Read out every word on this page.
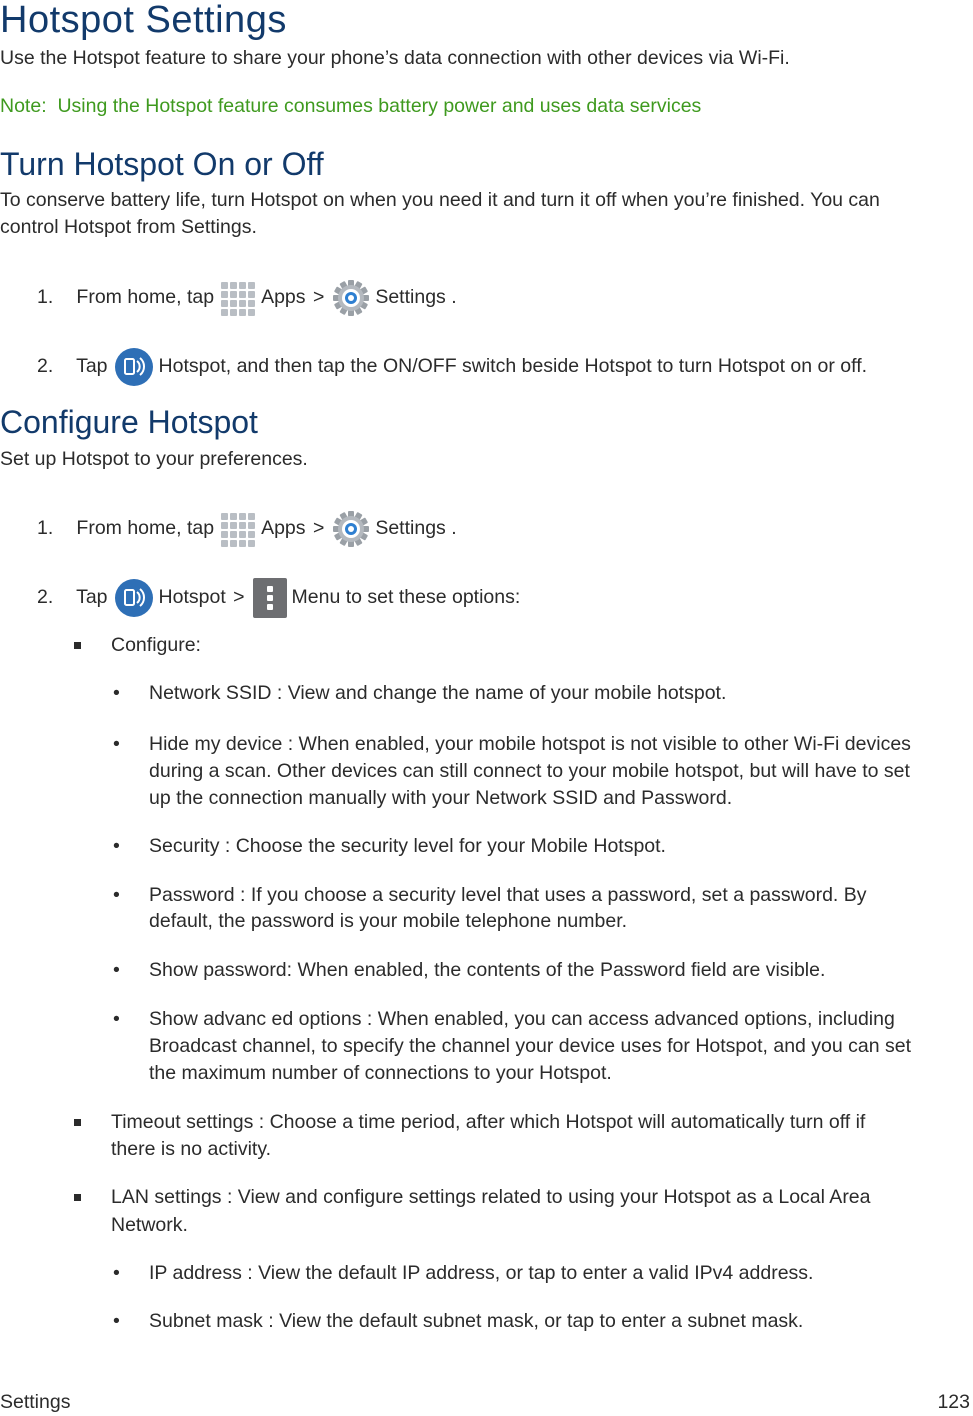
Hotspot Settings
Use the Hotspot feature to share your phone’s data connection with other devices via Wi-Fi.
Note: Using the Hotspot feature consumes battery power and uses data services
Turn Hotspot On or Off
To conserve battery life, turn Hotspot on when you need it and turn it off when you’re finished. You can
control Hotspot from Settings.
1. From home, tap Apps >	Settings .
2. Tap	Hotspot, and then tap the ON/OFF switch beside Hotspot to turn Hotspot on or off.
Configure Hotspot
Set up Hotspot to your preferences.
1. From home, tap Apps >	Settings .
2. Tap	Hotspot > Menu to set these options:
Configure:
• Network SSID : View and change the name of your mobile hotspot.
• Hide my device : When enabled, your mobile hotspot is not visible to other Wi-Fi devices
during a scan. Other devices can still connect to your mobile hotspot, but will have to set
up the connection manually with your Network SSID and Password.
• Security : Choose the security level for your Mobile Hotspot.
• Password : If you choose a security level that uses a password, set a password. By
default, the password is your mobile telephone number.
• Show password: When enabled, the contents of the Password field are visible.
• Show advanc ed options : When enabled, you can access advanced options, including
Broadcast channel, to specify the channel your device uses for Hotspot, and you can set
the maximum number of connections to your Hotspot.
Timeout settings : Choose a time period, after which Hotspot will automatically turn off if
there is no activity.
LAN settings : View and configure settings related to using your Hotspot as a Local Area
Network.
• IP address : View the default IP address, or tap to enter a valid IPv4 address.
• Subnet mask : View the default subnet mask, or tap to enter a subnet mask.
Settings	123
